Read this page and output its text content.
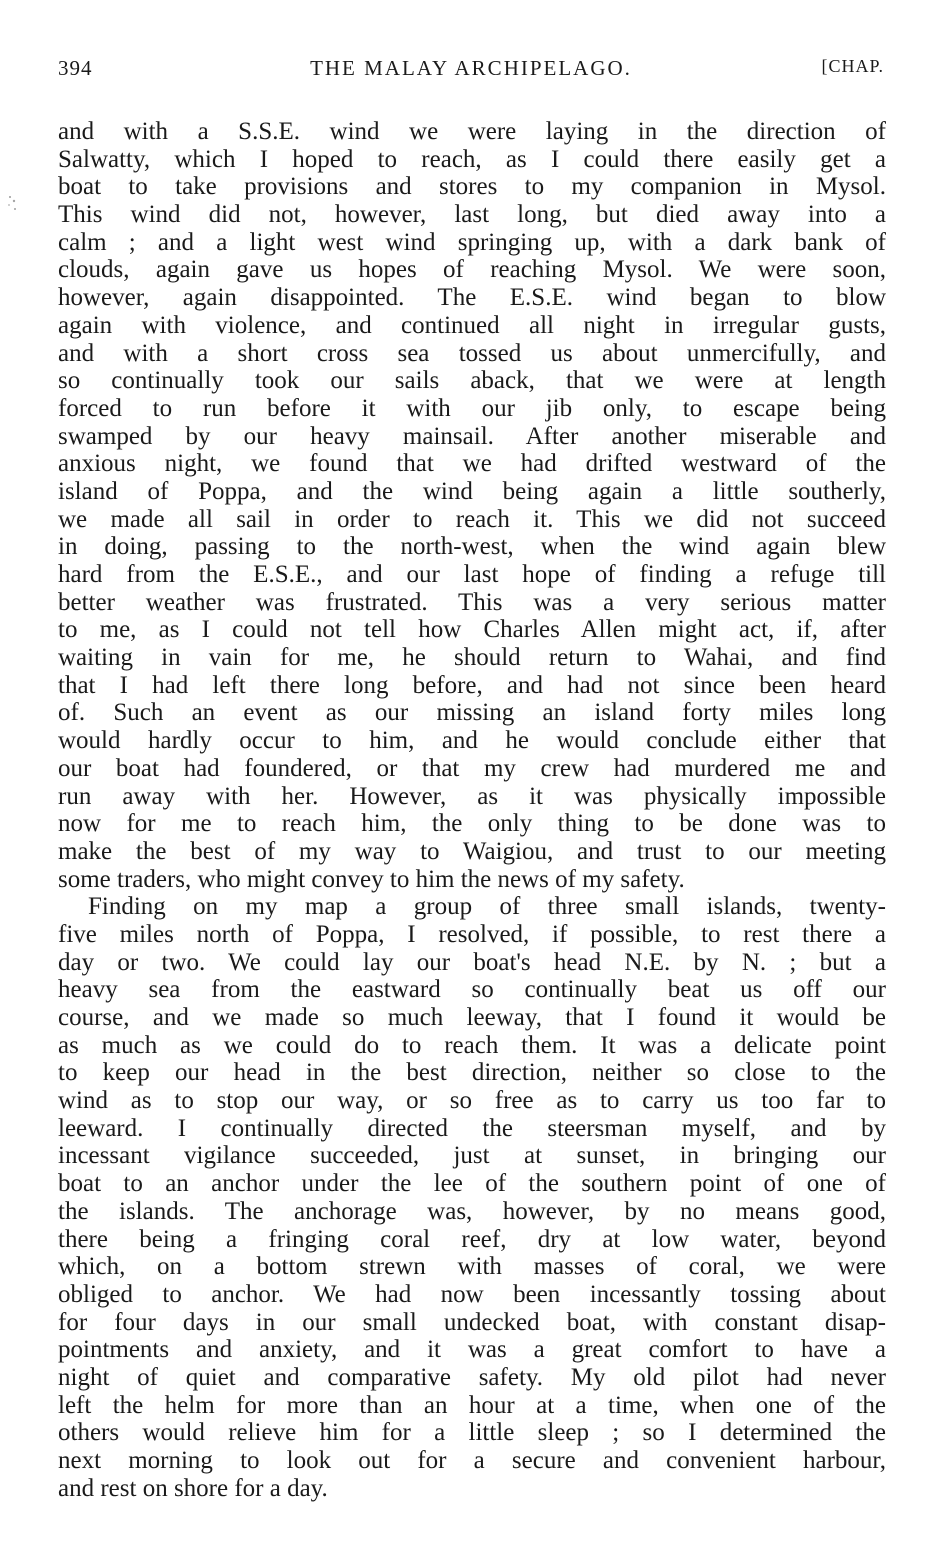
394	THE MALAY ARCHIPELAGO.	[CHAP.
and with a S.S.E. wind we were laying in the direction of
Salwatty, which I hoped to reach, as I could there easily get a
boat to take provisions and stores to my companion in Mysol.
This wind did not, however, last long, but died away into a
calm ; and a light west wind springing up, with a dark bank of
clouds, again gave us hopes of reaching Mysol. We were soon,
however, again disappointed. The E.S.E. wind began to blow
again with violence, and continued all night in irregular gusts,
and with a short cross sea tossed us about unmercifully, and
so continually took our sails aback, that we were at length
forced to run before it with our jib only, to escape being
swamped by our heavy mainsail. After another miserable and
anxious night, we found that we had drifted westward of the
island of Poppa, and the wind being again a little southerly,
we made all sail in order to reach it. This we did not succeed
in doing, passing to the north-west, when the wind again blew
hard from the E.S.E., and our last hope of finding a refuge till
better weather was frustrated. This was a very serious matter
to me, as I could not tell how Charles Allen might act, if, after
waiting in vain for me, he should return to Wahai, and find
that I had left there long before, and had not since been heard
of. Such an event as our missing an island forty miles long
would hardly occur to him, and he would conclude either that
our boat had foundered, or that my crew had murdered me and
run away with her. However, as it was physically impossible
now for me to reach him, the only thing to be done was to
make the best of my way to Waigiou, and trust to our meeting
some traders, who might convey to him the news of my safety.
Finding on my map a group of three small islands, twenty-
five miles north of Poppa, I resolved, if possible, to rest there a
day or two. We could lay our boat's head N.E. by N. ; but a
heavy sea from the eastward so continually beat us off our
course, and we made so much leeway, that I found it would be
as much as we could do to reach them. It was a delicate point
to keep our head in the best direction, neither so close to the
wind as to stop our way, or so free as to carry us too far to
leeward. I continually directed the steersman myself, and by
incessant vigilance succeeded, just at sunset, in bringing our
boat to an anchor under the lee of the southern point of one of
the islands. The anchorage was, however, by no means good,
there being a fringing coral reef, dry at low water, beyond
which, on a bottom strewn with masses of coral, we were
obliged to anchor. We had now been incessantly tossing about
for four days in our small undecked boat, with constant disap-
pointments and anxiety, and it was a great comfort to have a
night of quiet and comparative safety. My old pilot had never
left the helm for more than an hour at a time, when one of the
others would relieve him for a little sleep ; so I determined the
next morning to look out for a secure and convenient harbour,
and rest on shore for a day.
